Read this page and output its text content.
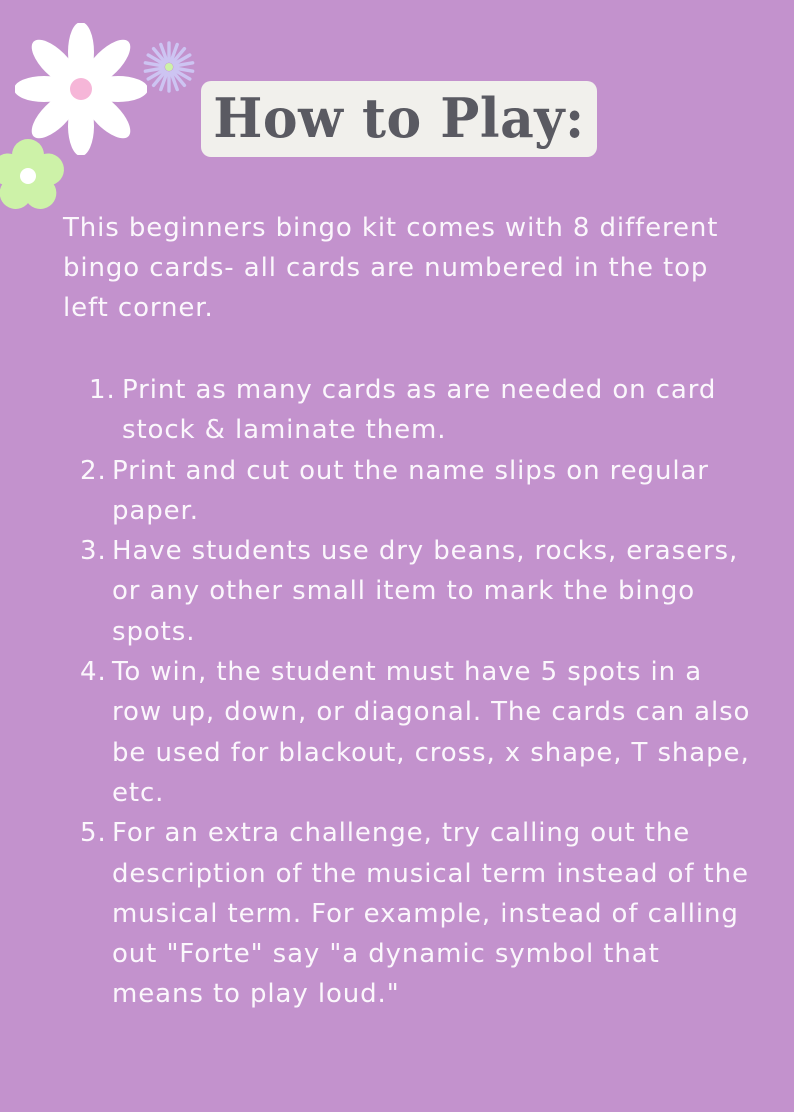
How to Play:

This beginners bingo kit comes with 8 different bingo cards- all cards are numbered in the top left corner.

1. Print as many cards as are needed on card stock & laminate them.
2. Print and cut out the name slips on regular paper.
3. Have students use dry beans, rocks, erasers, or any other small item to mark the bingo spots.
4. To win, the student must have 5 spots in a row up, down, or diagonal. The cards can also be used for blackout, cross, x shape, T shape, etc.
5. For an extra challenge, try calling out the description of the musical term instead of the musical term. For example, instead of calling out "Forte" say "a dynamic symbol that means to play loud."
